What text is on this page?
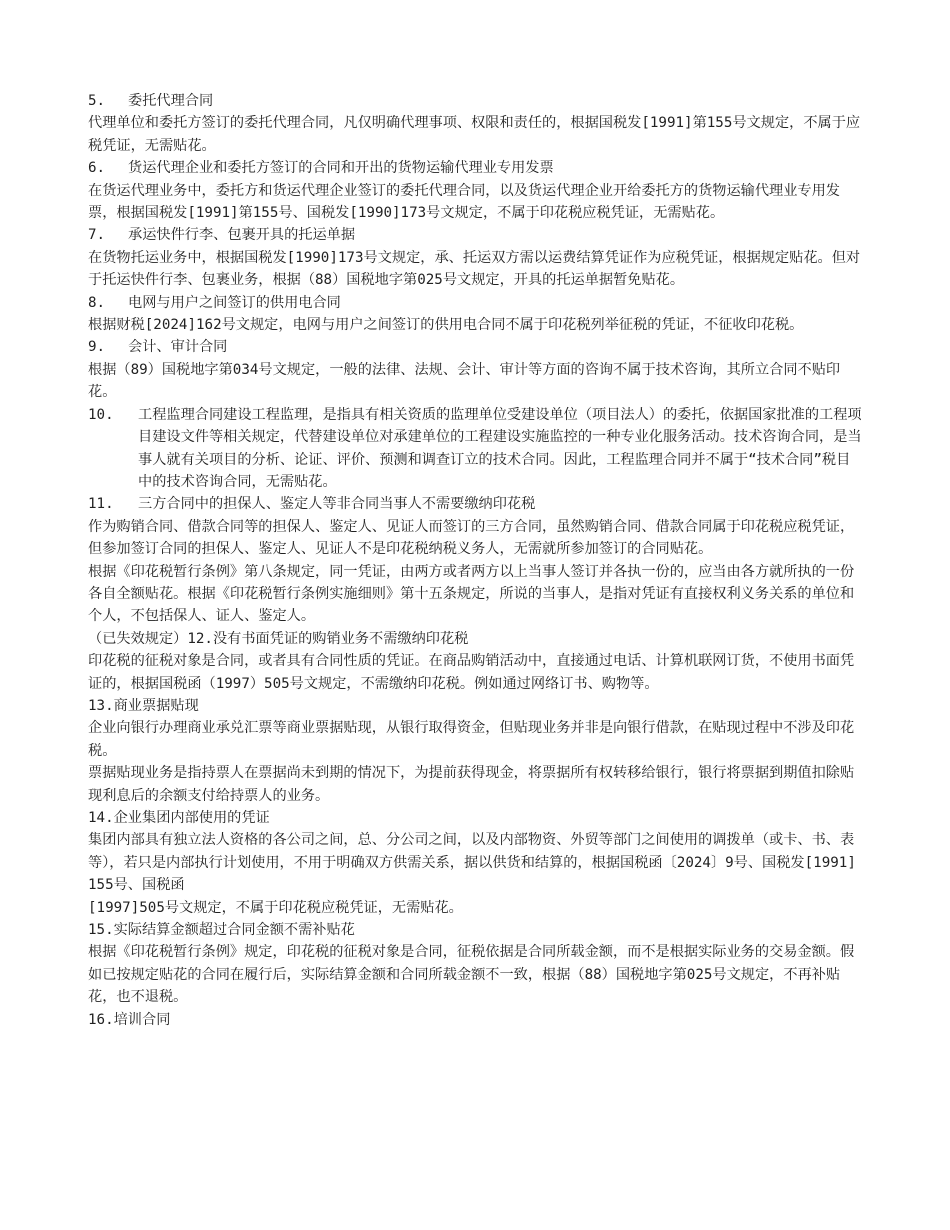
5.	委托代理合同

代理单位和委托方签订的委托代理合同，凡仅明确代理事项、权限和责任的，根据国税发[1991]第155号文规定，不属于应税凭证，无需贴花。

6.	货运代理企业和委托方签订的合同和开出的货物运输代理业专用发票

在货运代理业务中，委托方和货运代理企业签订的委托代理合同，以及货运代理企业开给委托方的货物运输代理业专用发票，根据国税发[1991]第155号、国税发[1990]173号文规定，不属于印花税应税凭证，无需贴花。

7.	承运快件行李、包裹开具的托运单据

在货物托运业务中，根据国税发[1990]173号文规定，承、托运双方需以运费结算凭证作为应税凭证，根据规定贴花。但对于托运快件行李、包裹业务，根据（88）国税地字第025号文规定，开具的托运单据暂免贴花。

8.	电网与用户之间签订的供用电合同

根据财税[2024]162号文规定，电网与用户之间签订的供用电合同不属于印花税列举征税的凭证，不征收印花税。

9.	会计、审计合同

根据（89）国税地字第034号文规定，一般的法律、法规、会计、审计等方面的咨询不属于技术咨询，其所立合同不贴印花。

10.	工程监理合同建设工程监理，是指具有相关资质的监理单位受建设单位（项目法人）的委托，依据国家批准的工程项目建设文件等相关规定，代替建设单位对承建单位的工程建设实施监控的一种专业化服务活动。技术咨询合同，是当事人就有关项目的分析、论证、评价、预测和调查订立的技术合同。因此，工程监理合同并不属于“技术合同”税目中的技术咨询合同，无需贴花。
11.	三方合同中的担保人、鉴定人等非合同当事人不需要缴纳印花税

作为购销合同、借款合同等的担保人、鉴定人、见证人而签订的三方合同，虽然购销合同、借款合同属于印花税应税凭证，但参加签订合同的担保人、鉴定人、见证人不是印花税纳税义务人，无需就所参加签订的合同贴花。

根据《印花税暂行条例》第八条规定，同一凭证，由两方或者两方以上当事人签订并各执一份的，应当由各方就所执的一份各自全额贴花。根据《印花税暂行条例实施细则》第十五条规定，所说的当事人，是指对凭证有直接权利义务关系的单位和个人，不包括保人、证人、鉴定人。

（已失效规定）12.没有书面凭证的购销业务不需缴纳印花税

印花税的征税对象是合同，或者具有合同性质的凭证。在商品购销活动中，直接通过电话、计算机联网订货，不使用书面凭证的，根据国税函（1997）505号文规定，不需缴纳印花税。例如通过网络订书、购物等。

13.商业票据贴现

企业向银行办理商业承兑汇票等商业票据贴现，从银行取得资金，但贴现业务并非是向银行借款，在贴现过程中不涉及印花税。

票据贴现业务是指持票人在票据尚未到期的情况下，为提前获得现金，将票据所有权转移给银行，银行将票据到期值扣除贴现利息后的余额支付给持票人的业务。

14.企业集团内部使用的凭证

集团内部具有独立法人资格的各公司之间，总、分公司之间，以及内部物资、外贸等部门之间使用的调拨单（或卡、书、表等），若只是内部执行计划使用，不用于明确双方供需关系，据以供货和结算的，根据国税函〔2024〕9号、国税发[1991]155号、国税函

[1997]505号文规定，不属于印花税应税凭证，无需贴花。

15.实际结算金额超过合同金额不需补贴花

根据《印花税暂行条例》规定，印花税的征税对象是合同，征税依据是合同所载金额，而不是根据实际业务的交易金额。假如已按规定贴花的合同在履行后，实际结算金额和合同所载金额不一致，根据（88）国税地字第025号文规定，不再补贴花，也不退税。

16.培训合同
